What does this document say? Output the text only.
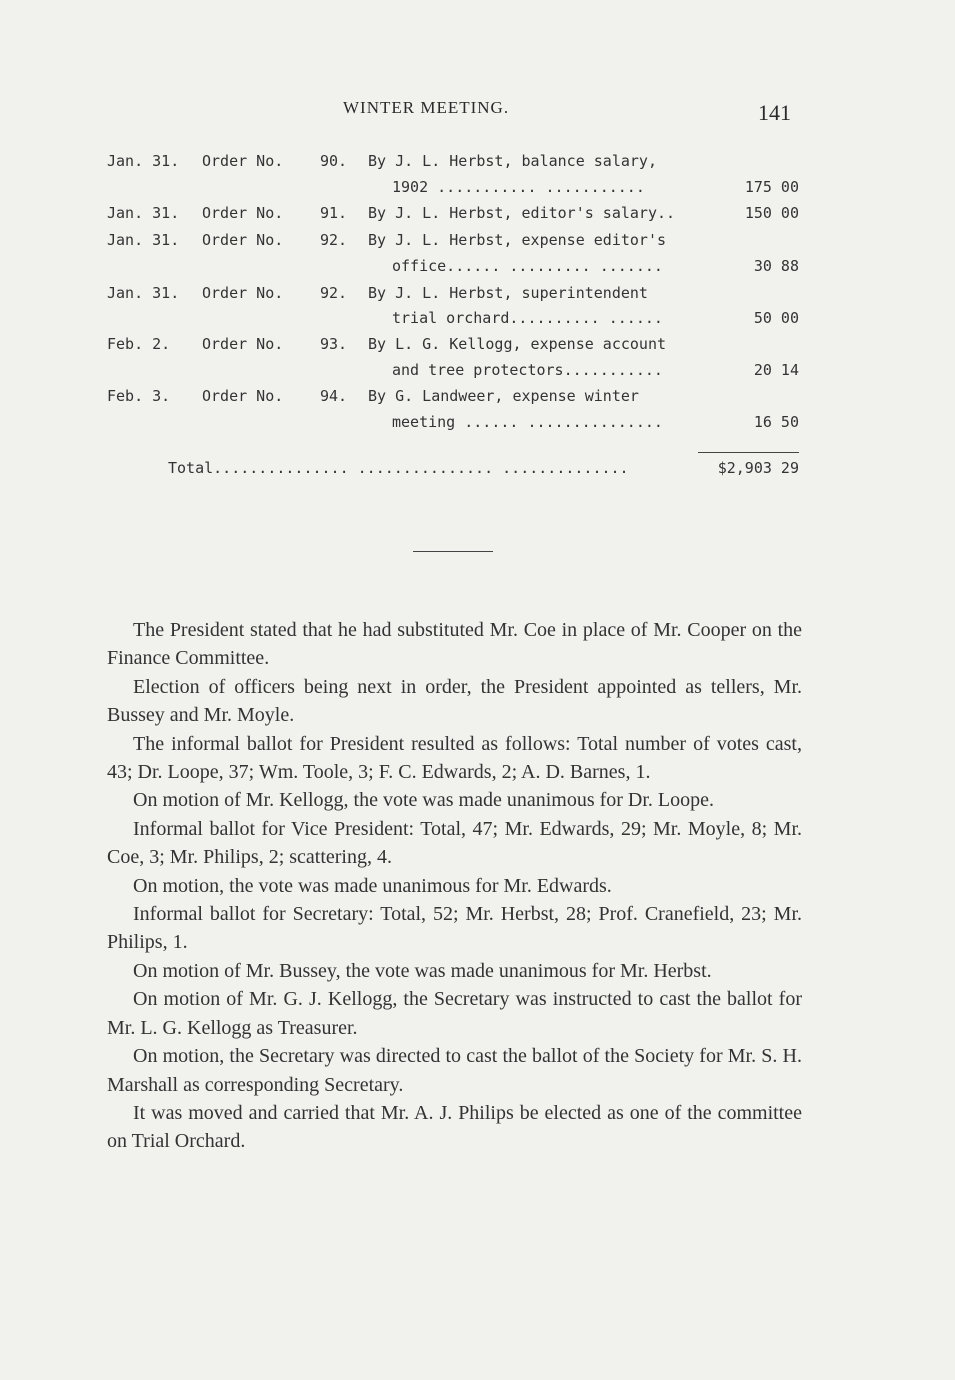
WINTER MEETING.	141
Jan. 31. Order No. 90. By J. L. Herbst, balance salary,
1902 ........... ...........	175 00
Jan. 31. Order No. 91. By J. L. Herbst, editor's salary..	150 00
Jan. 31. Order No. 92. By J. L. Herbst, expense editor's
office...... ......... .......	30 88
Jan. 31. Order No. 92. By J. L. Herbst, superintendent
trial orchard.......... ......	50 00
Feb. 2. Order No. 93. By L. G. Kellogg, expense account
and tree protectors...........	20 14
Feb. 3. Order No. 94. By G. Landweer, expense winter
meeting ...... ...............	16 50
Total............... ............... ..............	$2,903 29

The President stated that he had substituted Mr. Coe in place of Mr. Cooper on the Finance Committee.

Election of officers being next in order, the President appointed as tellers, Mr. Bussey and Mr. Moyle.

The informal ballot for President resulted as follows: Total number of votes cast, 43; Dr. Loope, 37; Wm. Toole, 3; F. C. Edwards, 2; A. D. Barnes, 1.

On motion of Mr. Kellogg, the vote was made unanimous for Dr. Loope.

Informal ballot for Vice President: Total, 47; Mr. Edwards, 29; Mr. Moyle, 8; Mr. Coe, 3; Mr. Philips, 2; scattering, 4.

On motion, the vote was made unanimous for Mr. Edwards.

Informal ballot for Secretary: Total, 52; Mr. Herbst, 28; Prof. Cranefield, 23; Mr. Philips, 1.

On motion of Mr. Bussey, the vote was made unanimous for Mr. Herbst.

On motion of Mr. G. J. Kellogg, the Secretary was instructed to cast the ballot for Mr. L. G. Kellogg as Treasurer.

On motion, the Secretary was directed to cast the ballot of the Society for Mr. S. H. Marshall as corresponding Secretary.

It was moved and carried that Mr. A. J. Philips be elected as one of the committee on Trial Orchard.
